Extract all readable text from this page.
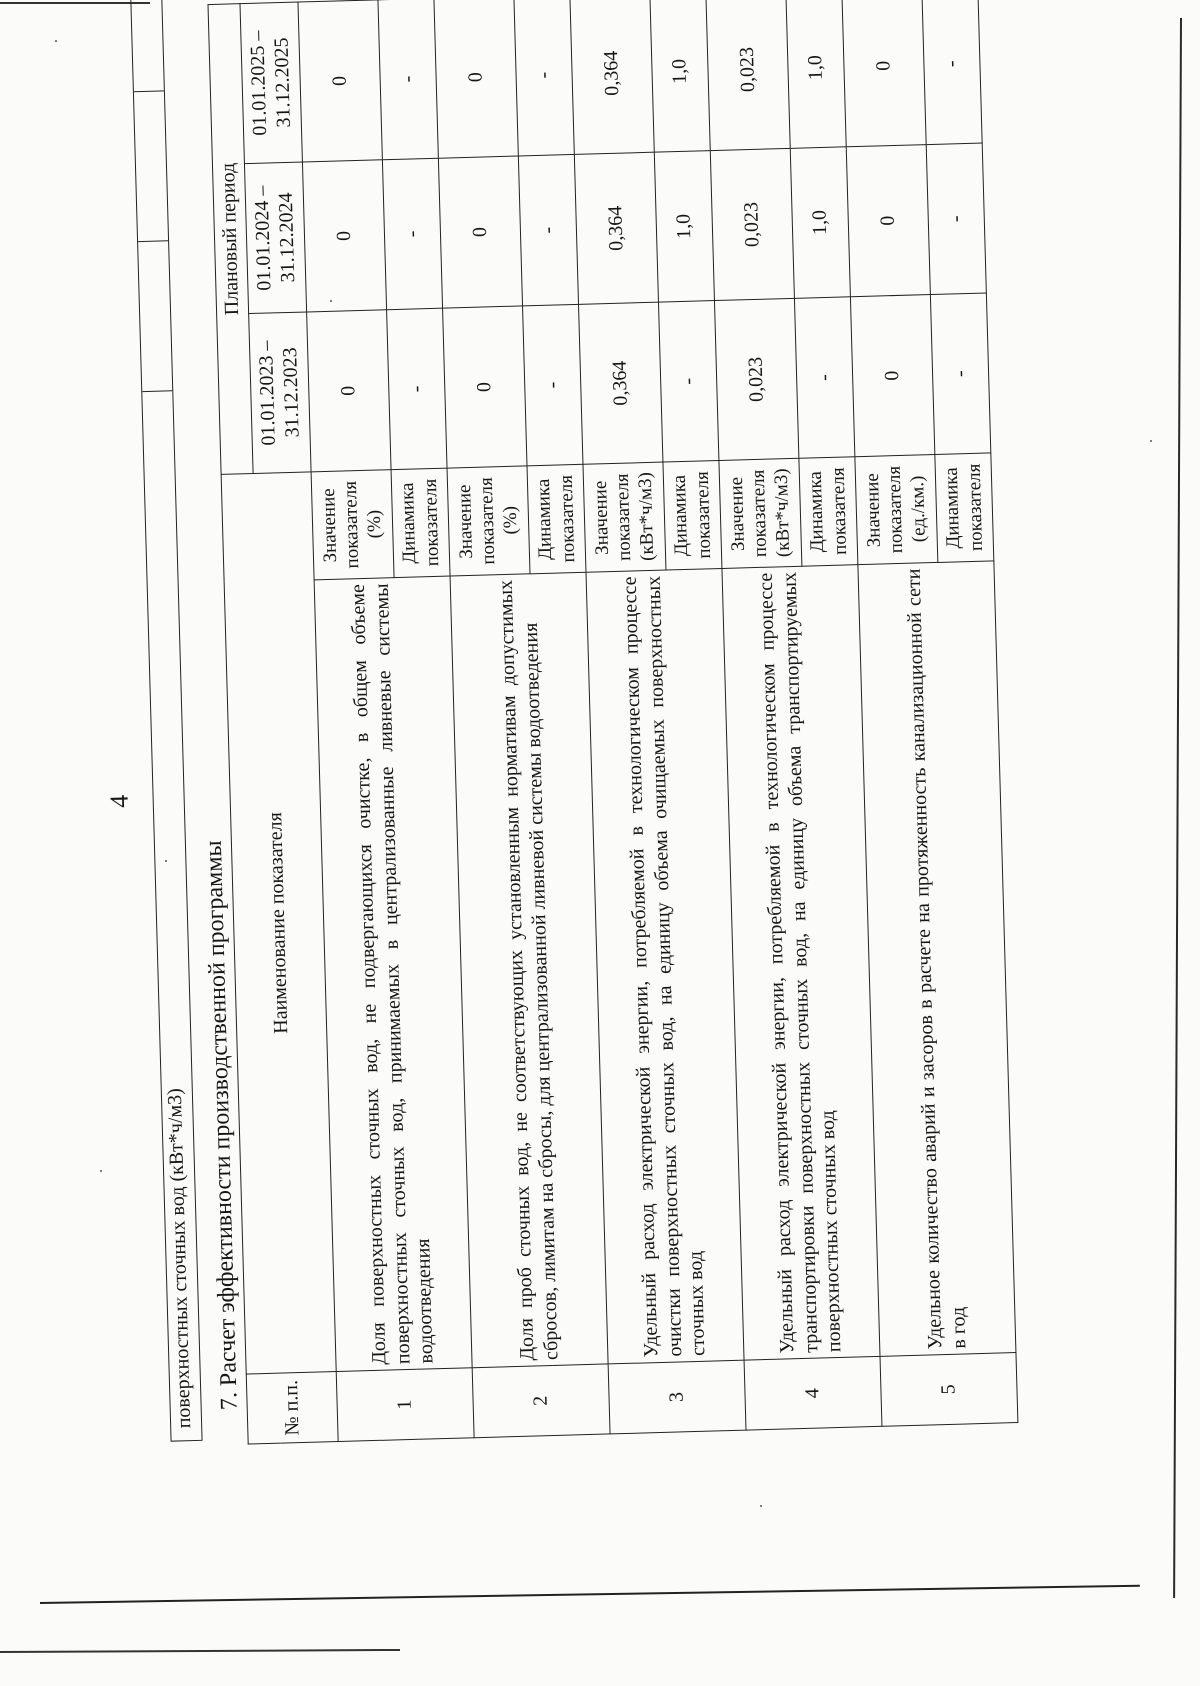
4
поверхностных сточных вод (кВт*ч/м3) 7. Расчет эффективности производственной программы № п.п.	Наименование показателя		Плановый период		
			01.01.2023 – 31.12.2023	01.01.2024 – 31.12.2024	01.01.2025 – 31.12.2025
1	Доля поверхностных сточных вод, не подвергающихся очистке, в общем объеме поверхностных сточных вод, принимаемых в централизованные ливневые системы водоотведения	Значение показателя (%)	0	0	0
		Динамика показателя	-	-	-
2	Доля проб сточных вод, не соответствующих установленным нормативам допустимых сбросов, лимитам на сбросы, для централизованной ливневой системы водоотведения	Значение показателя (%)	0	0	0
		Динамика показателя	-	-	-
3	Удельный расход электрической энергии, потребляемой в технологическом процессе очистки поверхностных сточных вод, на единицу объема очищаемых поверхностных сточных вод	Значение показателя (кВт*ч/м3)	0,364	0,364	0,364
		Динамика показателя	-	1,0	1,0
4	Удельный расход электрической энергии, потребляемой в технологическом процессе транспортировки поверхностных сточных вод, на единицу объема транспортируемых поверхностных сточных вод	Значение показателя (кВт*ч/м3)	0,023	0,023	0,023
		Динамика показателя	-	1,0	1,0
5	Удельное количество аварий и засоров в расчете на протяженность канализационной сети в год	Значение показателя (ед./км.)	0	0	0
		Динамика показателя	-	-	-
